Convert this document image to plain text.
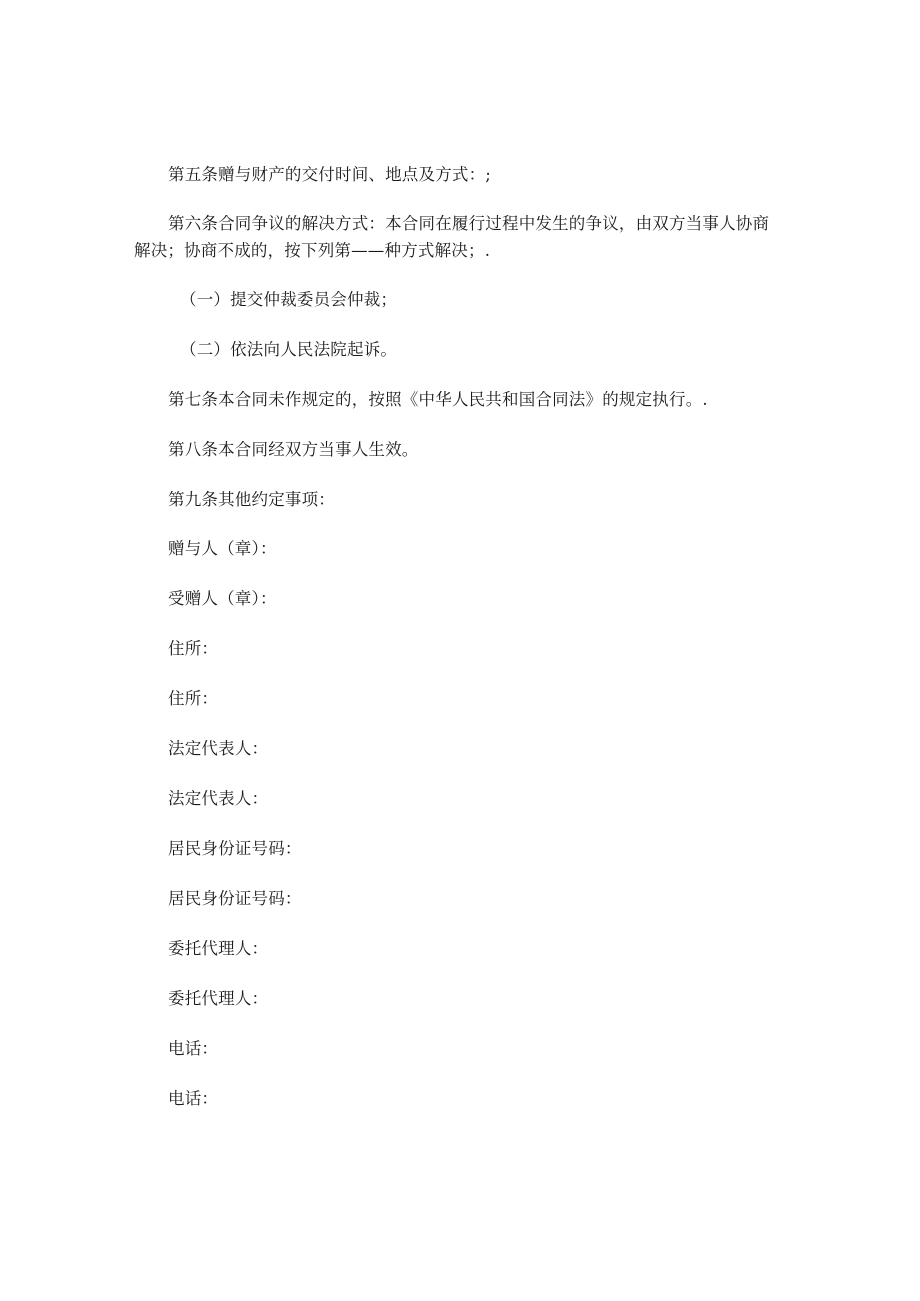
第五条赠与财产的交付时间、地点及方式：;
第六条合同争议的解决方式：本合同在履行过程中发生的争议，由双方当事人协商
解决；协商不成的，按下列第——种方式解决；.
（一）提交仲裁委员会仲裁；
（二）依法向人民法院起诉。
第七条本合同未作规定的，按照《中华人民共和国合同法》的规定执行。.
第八条本合同经双方当事人生效。
第九条其他约定事项：
赠与人（章）：
受赠人（章）：
住所：
住所：
法定代表人：
法定代表人：
居民身份证号码：
居民身份证号码：
委托代理人：
委托代理人：
电话：
电话：
